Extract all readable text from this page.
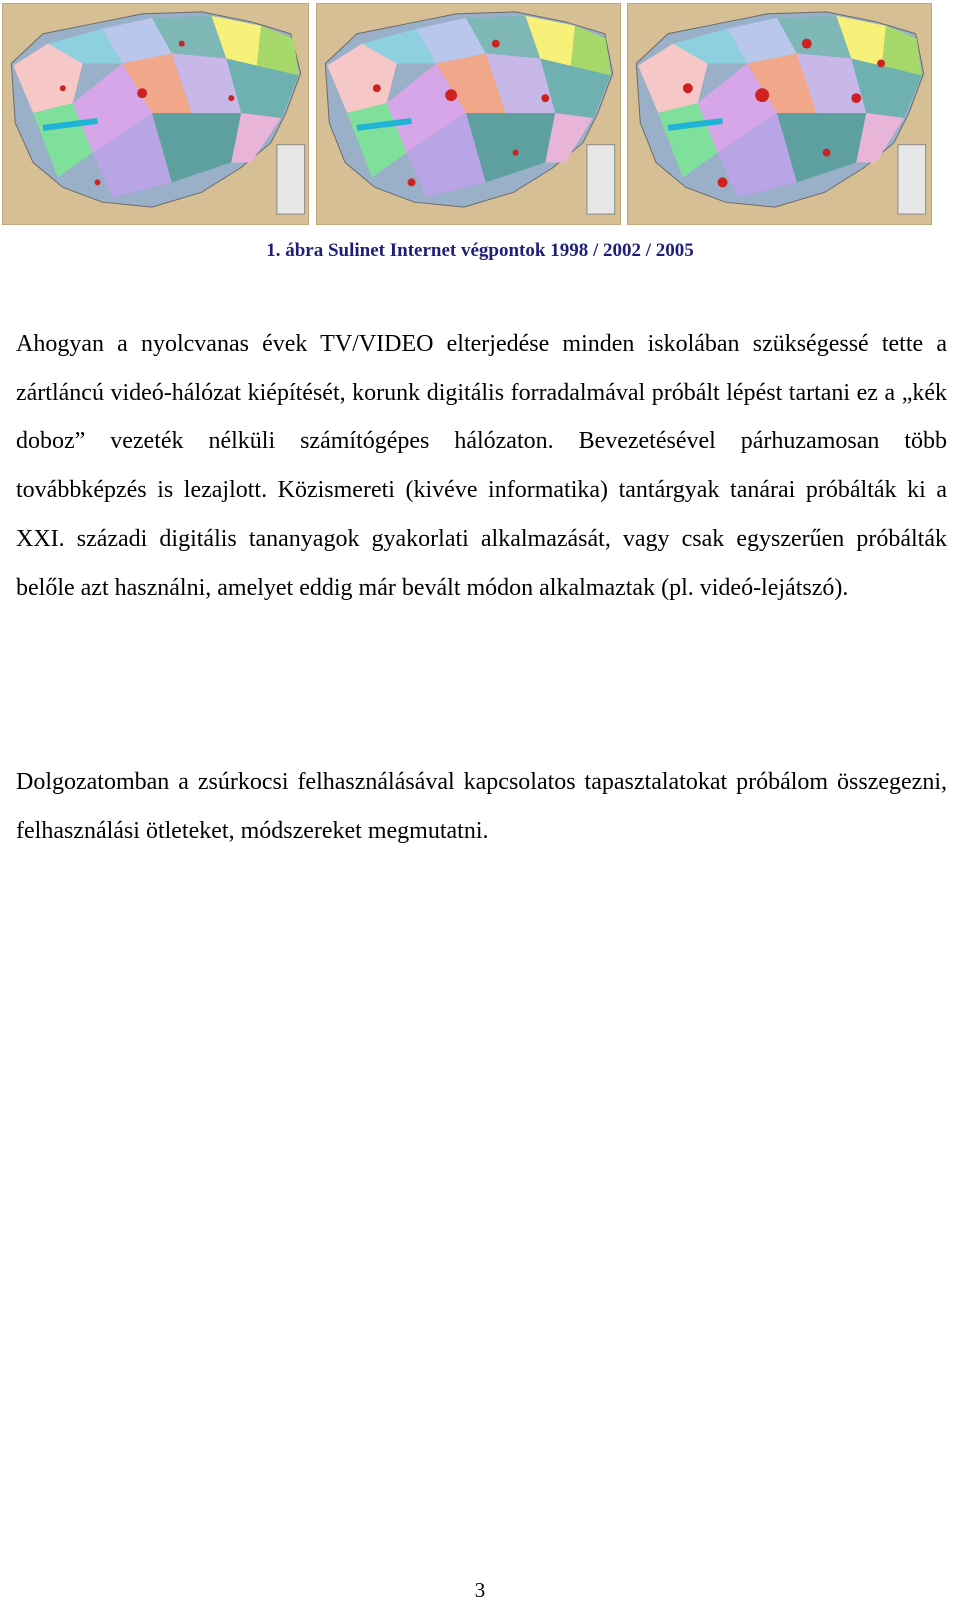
1. ábra Sulinet Internet végpontok 1998 / 2002 / 2005

Ahogyan a nyolcvanas évek TV/VIDEO elterjedése minden iskolában szükségessé tette a zártláncú videó-hálózat kiépítését, korunk digitális forradalmával próbált lépést tartani ez a „kék doboz” vezeték nélküli számítógépes hálózaton. Bevezetésével párhuzamosan több továbbképzés is lezajlott. Közismereti (kivéve informatika) tantárgyak tanárai próbálták ki a XXI. századi digitális tananyagok gyakorlati alkalmazását, vagy csak egyszerűen próbálták belőle azt használni, amelyet eddig már bevált módon alkalmaztak (pl. videó-lejátszó).

Dolgozatomban a zsúrkocsi felhasználásával kapcsolatos tapasztalatokat próbálom összegezni, felhasználási ötleteket, módszereket megmutatni.

3
